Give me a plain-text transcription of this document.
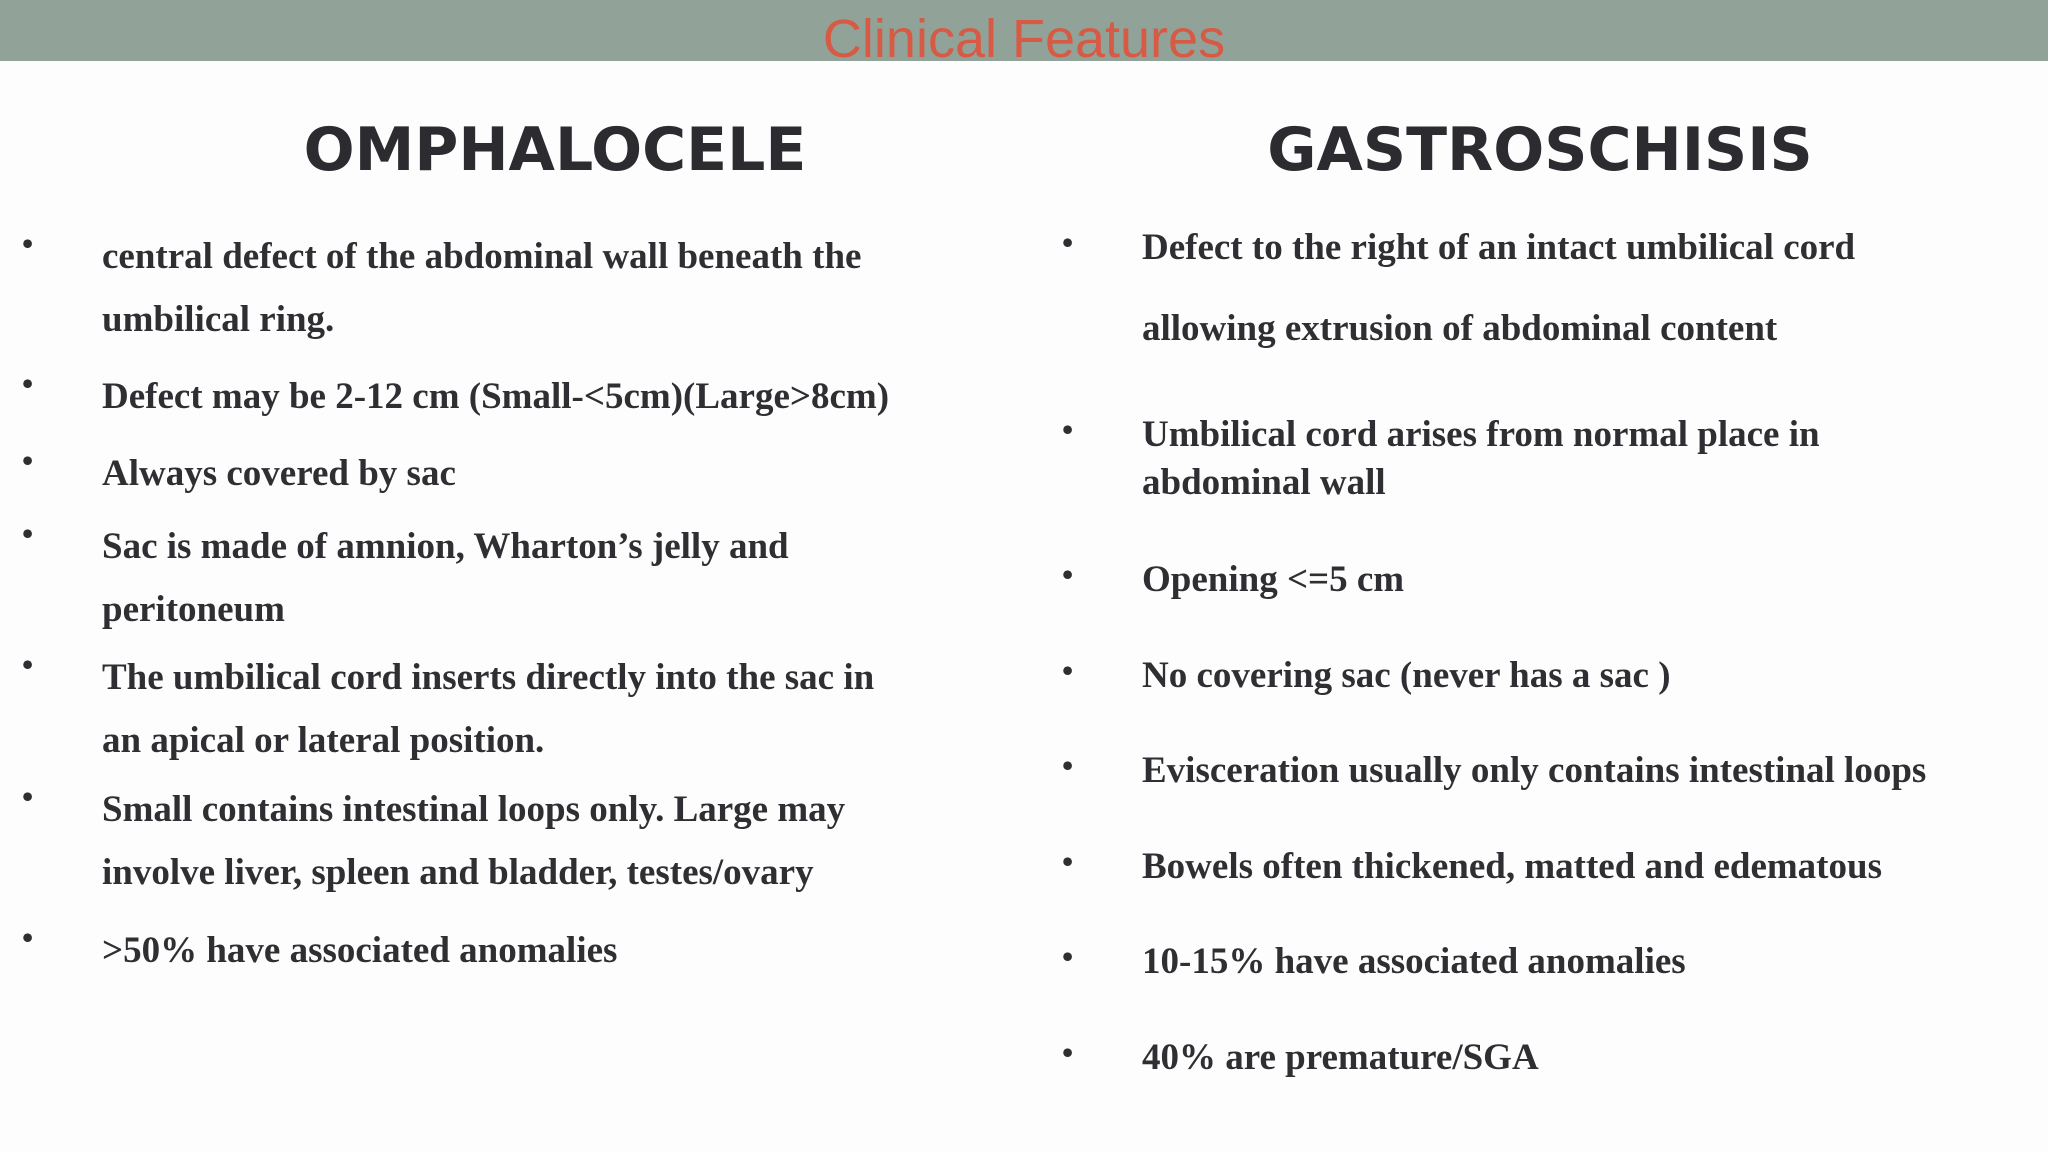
Clinical Features
OMPHALOCELE	GASTROSCHISIS
• central defect of the abdominal wall beneath the
umbilical ring.
• Defect may be 2-12 cm (Small-<5cm)(Large>8cm)
• Always covered by sac
• Sac is made of amnion, Wharton’s jelly and
peritoneum
• The umbilical cord inserts directly into the sac in
an apical or lateral position.
• Small contains intestinal loops only. Large may
involve liver, spleen and bladder, testes/ovary
• >50% have associated anomalies
• Defect to the right of an intact umbilical cord
allowing extrusion of abdominal content
• Umbilical cord arises from normal place in
abdominal wall
• Opening <=5 cm
• No covering sac (never has a sac )
• Evisceration usually only contains intestinal loops
• Bowels often thickened, matted and edematous
• 10-15% have associated anomalies
• 40% are premature/SGA
